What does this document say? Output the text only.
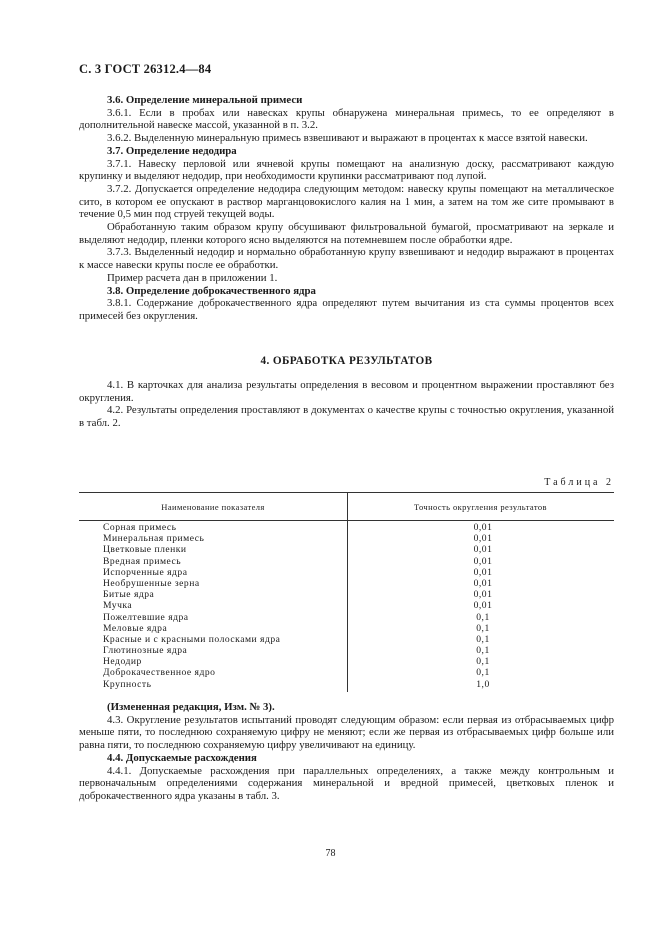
С. 3 ГОСТ 26312.4—84

3.6. Определение минеральной примеси

3.6.1. Если в пробах или навесках крупы обнаружена минеральная примесь, то ее определяют в дополнительной навеске массой, указанной в п. 3.2.

3.6.2. Выделенную минеральную примесь взвешивают и выражают в процентах к массе взятой навески.

3.7. Определение недодира

3.7.1. Навеску перловой или ячневой крупы помещают на анализную доску, рассматривают каждую крупинку и выделяют недодир, при необходимости крупинки рассматривают под лупой.

3.7.2. Допускается определение недодира следующим методом: навеску крупы помещают на металлическое сито, в котором ее опускают в раствор марганцовокислого калия на 1 мин, а затем на том же сите промывают в течение 0,5 мин под струей текущей воды.

Обработанную таким образом крупу обсушивают фильтровальной бумагой, просматривают на зеркале и выделяют недодир, пленки которого ясно выделяются на потемневшем после обработки ядре.

3.7.3. Выделенный недодир и нормально обработанную крупу взвешивают и недодир выражают в процентах к массе навески крупы после ее обработки.

Пример расчета дан в приложении 1.

3.8. Определение доброкачественного ядра

3.8.1. Содержание доброкачественного ядра определяют путем вычитания из ста суммы процентов всех примесей без округления.

4. ОБРАБОТКА РЕЗУЛЬТАТОВ

4.1. В карточках для анализа результаты определения в весовом и процентном выражении проставляют без округления.

4.2. Результаты определения проставляют в документах о качестве крупы с точностью округления, указанной в табл. 2.

Таблица 2
Наименование показателя	Точность округления результатов
Сорная примесь	0,01
Минеральная примесь	0,01
Цветковые пленки	0,01
Вредная примесь	0,01
Испорченные ядра	0,01
Необрушенные зерна	0,01
Битые ядра	0,01
Мучка	0,01
Пожелтевшие ядра	0,1
Меловые ядра	0,1
Красные и с красными полосками ядра	0,1
Глютинозные ядра	0,1
Недодир	0,1
Доброкачественное ядро	0,1
Крупность	1,0

(Измененная редакция, Изм. № 3).

4.3. Округление результатов испытаний проводят следующим образом: если первая из отбрасываемых цифр меньше пяти, то последнюю сохраняемую цифру не меняют; если же первая из отбрасываемых цифр больше или равна пяти, то последнюю сохраняемую цифру увеличивают на единицу.

4.4. Допускаемые расхождения

4.4.1. Допускаемые расхождения при параллельных определениях, а также между контрольным и первоначальным определениями содержания минеральной и вредной примесей, цветковых пленок и доброкачественного ядра указаны в табл. 3.

78
